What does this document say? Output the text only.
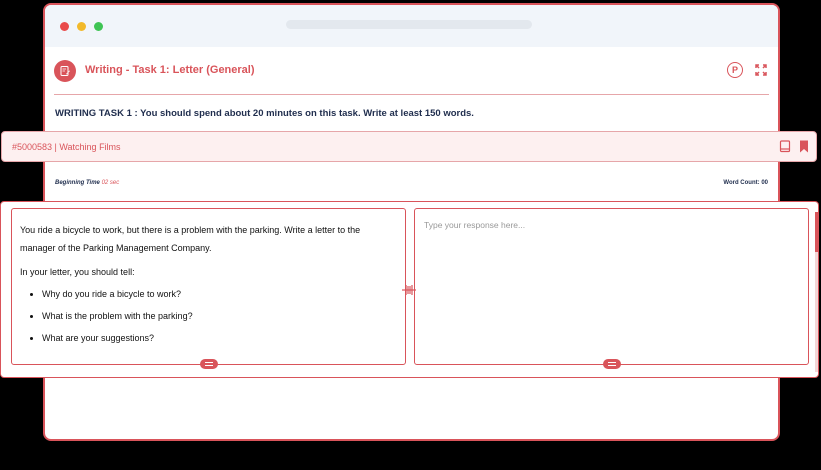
Writing - Task 1: Letter (General)	P
WRITING TASK 1 : You should spend about 20 minutes on this task. Write at least 150 words.
Beginning Time 02 sec	Word Count: 00
#5000583 | Watching Films

You ride a bicycle to work, but there is a problem with the parking. Write a letter to the manager of the Parking Management Company.

In your letter, you should tell:

• Why do you ride a bicycle to work?
• What is the problem with the parking?
• What are your suggestions?
Type your response here...
